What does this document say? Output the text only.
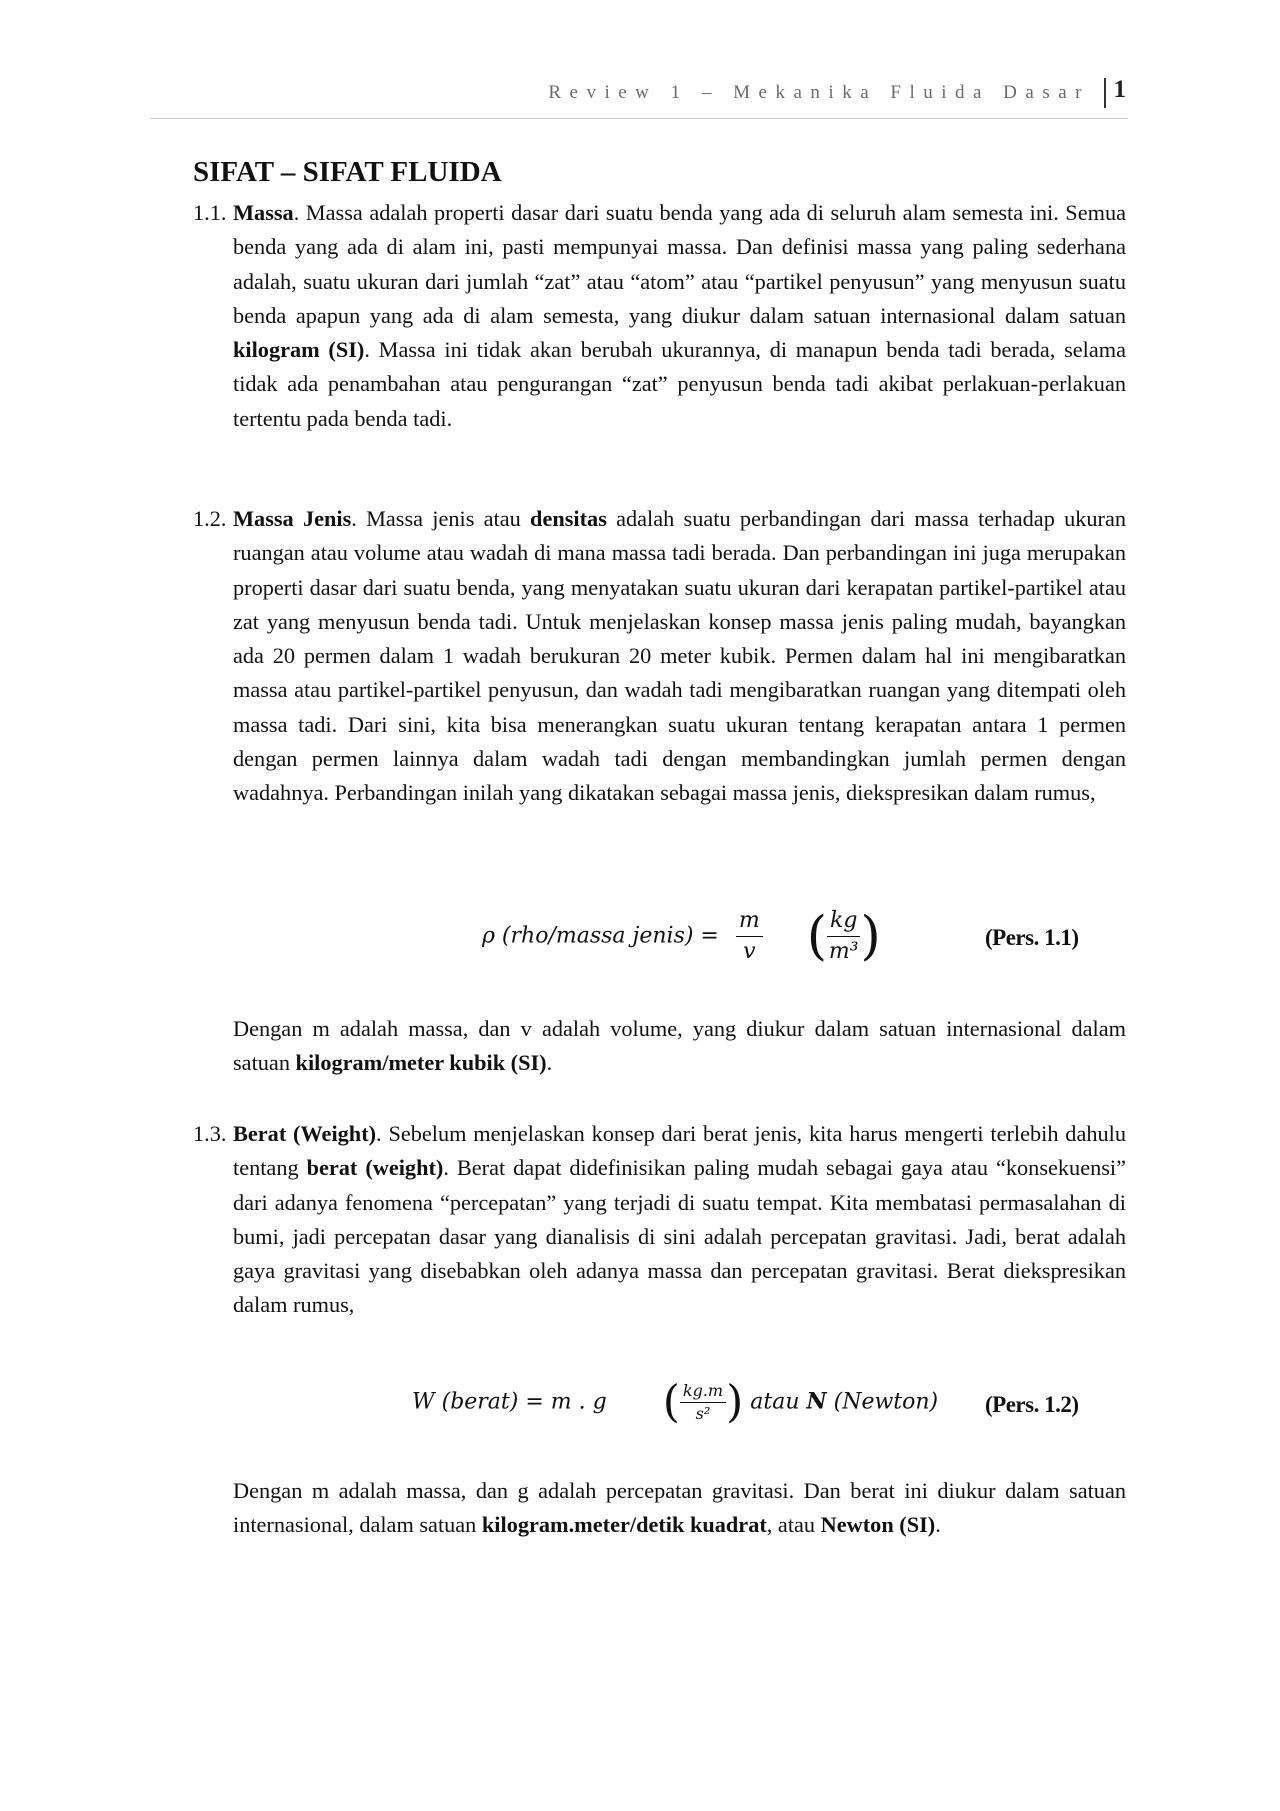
Review 1 – Mekanika Fluida Dasar 1
SIFAT – SIFAT FLUIDA
1.1. Massa. Massa adalah properti dasar dari suatu benda yang ada di seluruh alam semesta ini. Semua benda yang ada di alam ini, pasti mempunyai massa. Dan definisi massa yang paling sederhana adalah, suatu ukuran dari jumlah “zat” atau “atom” atau “partikel penyusun” yang menyusun suatu benda apapun yang ada di alam semesta, yang diukur dalam satuan internasional dalam satuan kilogram (SI). Massa ini tidak akan berubah ukurannya, di manapun benda tadi berada, selama tidak ada penambahan atau pengurangan “zat” penyusun benda tadi akibat perlakuan-perlakuan tertentu pada benda tadi.
1.2. Massa Jenis. Massa jenis atau densitas adalah suatu perbandingan dari massa terhadap ukuran ruangan atau volume atau wadah di mana massa tadi berada. Dan perbandingan ini juga merupakan properti dasar dari suatu benda, yang menyatakan suatu ukuran dari kerapatan partikel-partikel atau zat yang menyusun benda tadi. Untuk menjelaskan konsep massa jenis paling mudah, bayangkan ada 20 permen dalam 1 wadah berukuran 20 meter kubik. Permen dalam hal ini mengibaratkan massa atau partikel-partikel penyusun, dan wadah tadi mengibaratkan ruangan yang ditempati oleh massa tadi. Dari sini, kita bisa menerangkan suatu ukuran tentang kerapatan antara 1 permen dengan permen lainnya dalam wadah tadi dengan membandingkan jumlah permen dengan wadahnya. Perbandingan inilah yang dikatakan sebagai massa jenis, diekspresikan dalam rumus,
ρ (rho/massa jenis) = $\frac{m}{v}$ ( $\frac{kg}{\text{m³}}$ )	(Pers. 1.1)
Dengan m adalah massa, dan v adalah volume, yang diukur dalam satuan internasional dalam satuan kilogram/meter kubik (SI).
1.3. Berat (Weight). Sebelum menjelaskan konsep dari berat jenis, kita harus mengerti terlebih dahulu tentang berat (weight). Berat dapat didefinisikan paling mudah sebagai gaya atau “konsekuensi” dari adanya fenomena “percepatan” yang terjadi di suatu tempat. Kita membatasi permasalahan di bumi, jadi percepatan dasar yang dianalisis di sini adalah percepatan gravitasi. Jadi, berat adalah gaya gravitasi yang disebabkan oleh adanya massa dan percepatan gravitasi. Berat diekspresikan dalam rumus,
W (berat) = m . g ( $\frac{kg.m}{\text{s²}}$ ) atau N (Newton) (Pers. 1.2)
Dengan m adalah massa, dan g adalah percepatan gravitasi. Dan berat ini diukur dalam satuan internasional, dalam satuan kilogram.meter/detik kuadrat, atau Newton (SI).
